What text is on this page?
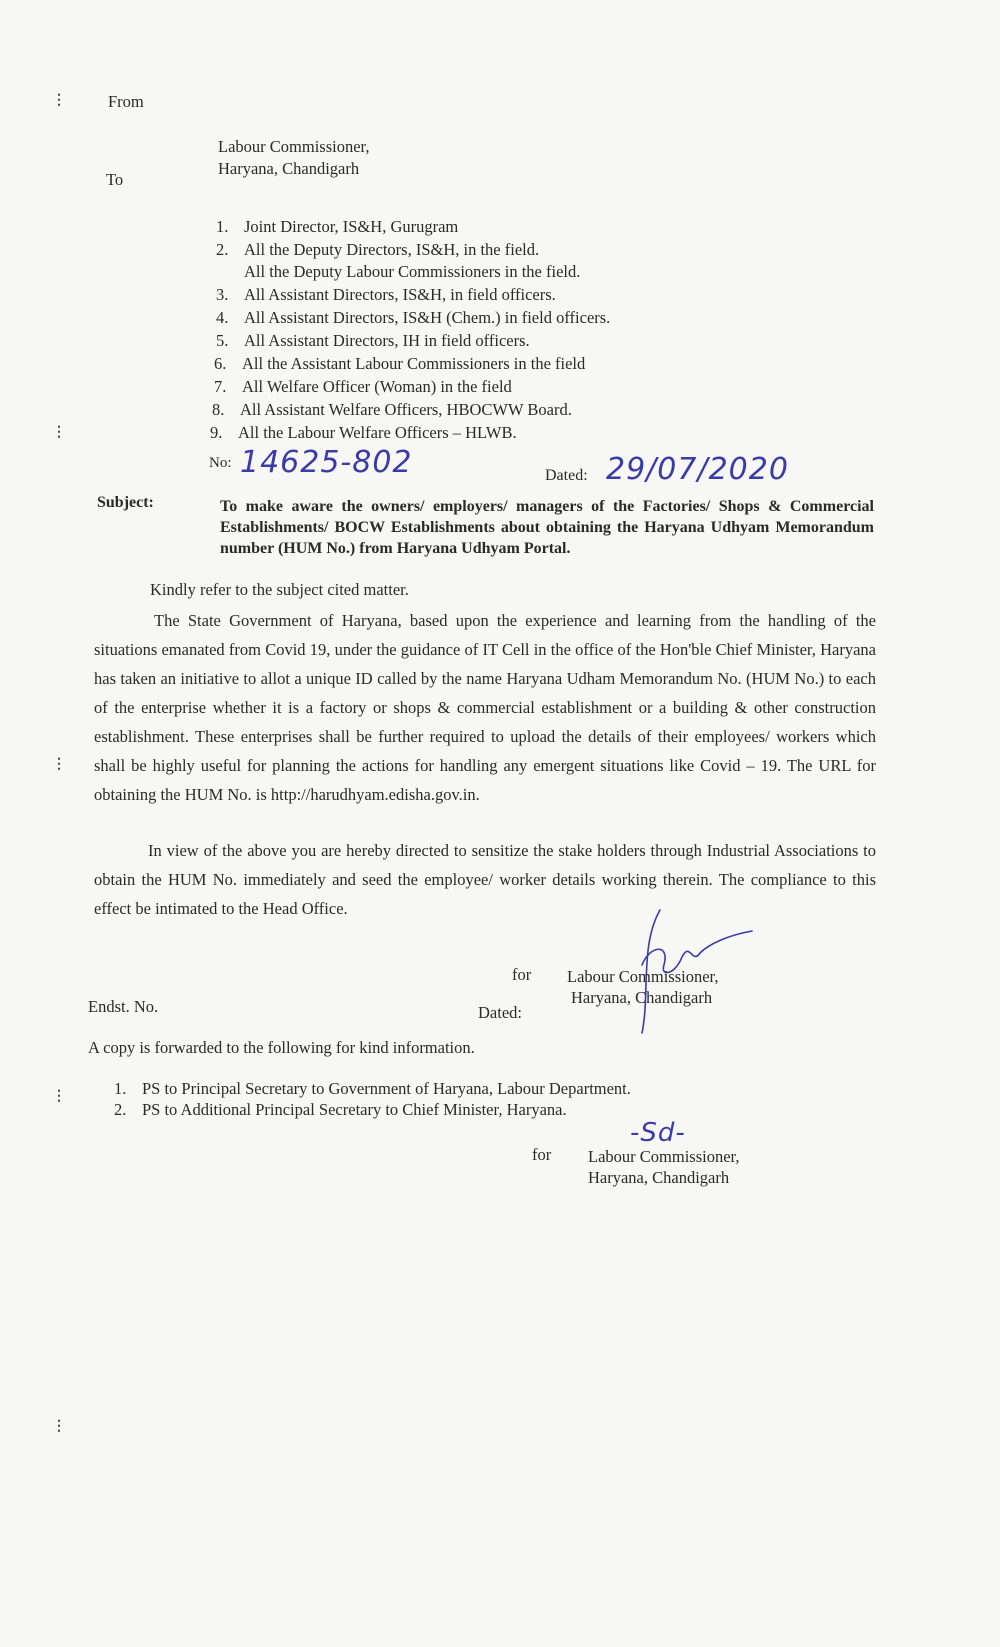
⋮
⋮
⋮
⋮
⋮
From
Labour Commissioner,
Haryana, Chandigarh
To
1. Joint Director, IS&H, Gurugram
2. All the Deputy Directors, IS&H, in the field.
All the Deputy Labour Commissioners in the field.
3. All Assistant Directors, IS&H, in field officers.
4. All Assistant Directors, IS&H (Chem.) in field officers.
5. All Assistant Directors, IH in field officers.
6. All the Assistant Labour Commissioners in the field
7. All Welfare Officer (Woman) in the field
8. All Assistant Welfare Officers, HBOCWW Board.
9. All the Labour Welfare Officers – HLWB.
No: 14625-802	Dated: 29/07/2020
Subject:	To make aware the owners/ employers/ managers of the Factories/ Shops & Commercial Establishments/ BOCW Establishments about obtaining the Haryana Udhyam Memorandum number (HUM No.) from Haryana Udhyam Portal.
Kindly refer to the subject cited matter.
The State Government of Haryana, based upon the experience and learning from the handling of the situations emanated from Covid 19, under the guidance of IT Cell in the office of the Hon'ble Chief Minister, Haryana has taken an initiative to allot a unique ID called by the name Haryana Udham Memorandum No. (HUM No.) to each of the enterprise whether it is a factory or shops & commercial establishment or a building & other construction establishment. These enterprises shall be further required to upload the details of their employees/ workers which shall be highly useful for planning the actions for handling any emergent situations like Covid – 19. The URL for obtaining the HUM No. is http://harudhyam.edisha.gov.in.
In view of the above you are hereby directed to sensitize the stake holders through Industrial Associations to obtain the HUM No. immediately and seed the employee/ worker details working therein. The compliance to this effect be intimated to the Head Office.
for Labour Commissioner,
Haryana, Chandigarh
Endst. No.	Dated:
A copy is forwarded to the following for kind information.
1. PS to Principal Secretary to Government of Haryana, Labour Department.
2. PS to Additional Principal Secretary to Chief Minister, Haryana.
-Sd-
for Labour Commissioner,
Haryana, Chandigarh
